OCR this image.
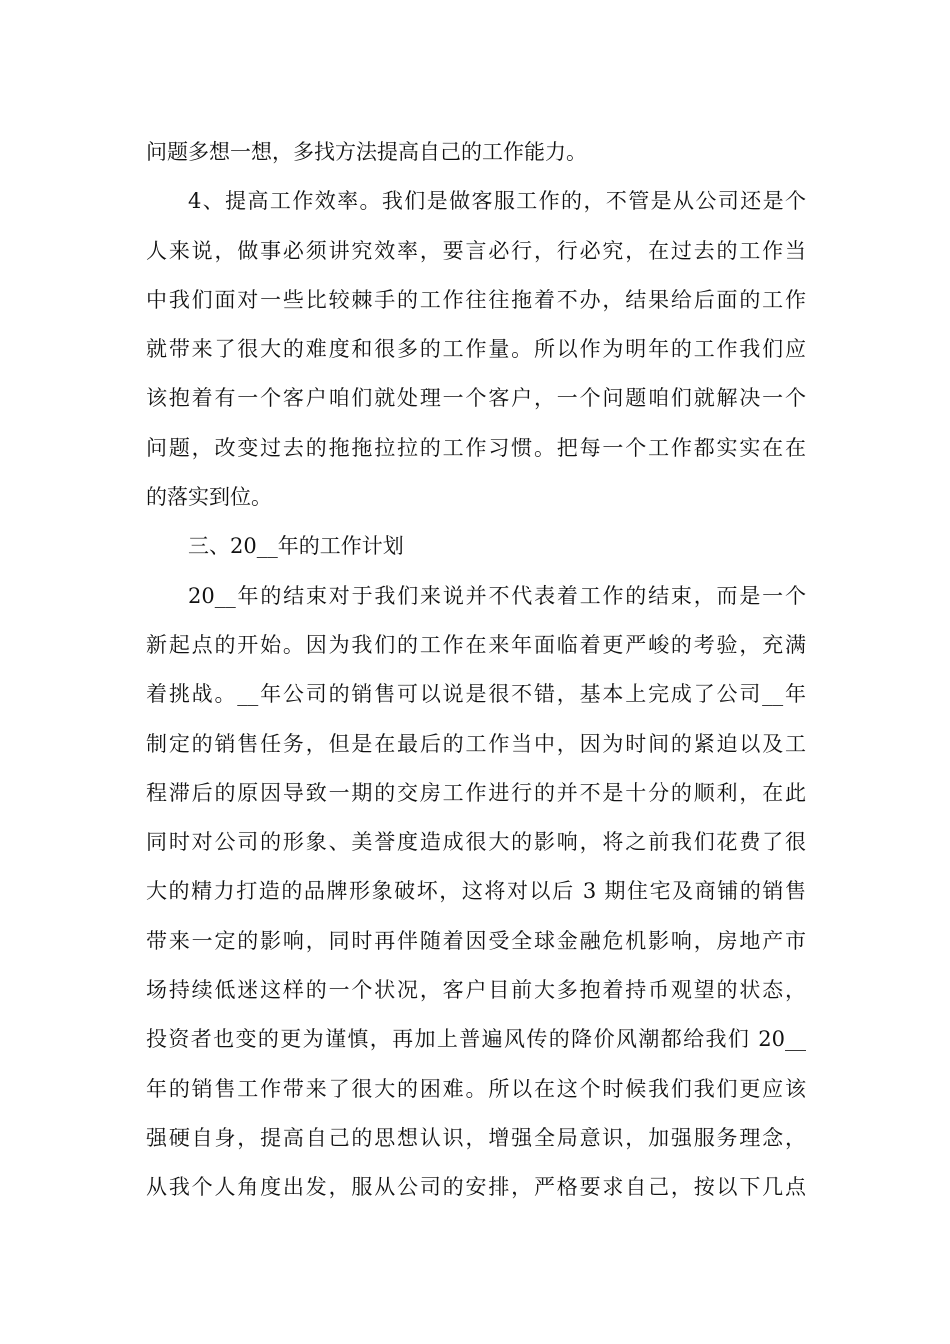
问题多想一想，多找方法提高自己的工作能力。
4、提高工作效率。我们是做客服工作的，不管是从公司还是个
人来说，做事必须讲究效率，要言必行，行必究，在过去的工作当
中我们面对一些比较棘手的工作往往拖着不办，结果给后面的工作
就带来了很大的难度和很多的工作量。所以作为明年的工作我们应
该抱着有一个客户咱们就处理一个客户，一个问题咱们就解决一个
问题，改变过去的拖拖拉拉的工作习惯。把每一个工作都实实在在
的落实到位。
三、20__年的工作计划
20__年的结束对于我们来说并不代表着工作的结束，而是一个
新起点的开始。因为我们的工作在来年面临着更严峻的考验，充满
着挑战。__年公司的销售可以说是很不错，基本上完成了公司__年
制定的销售任务，但是在最后的工作当中，因为时间的紧迫以及工
程滞后的原因导致一期的交房工作进行的并不是十分的顺利，在此
同时对公司的形象、美誉度造成很大的影响，将之前我们花费了很
大的精力打造的品牌形象破坏，这将对以后 3 期住宅及商铺的销售
带来一定的影响，同时再伴随着因受全球金融危机影响，房地产市
场持续低迷这样的一个状况，客户目前大多抱着持币观望的状态，
投资者也变的更为谨慎，再加上普遍风传的降价风潮都给我们 20__
年的销售工作带来了很大的困难。所以在这个时候我们我们更应该
强硬自身，提高自己的思想认识，增强全局意识，加强服务理念，
从我个人角度出发，服从公司的安排，严格要求自己，按以下几点
